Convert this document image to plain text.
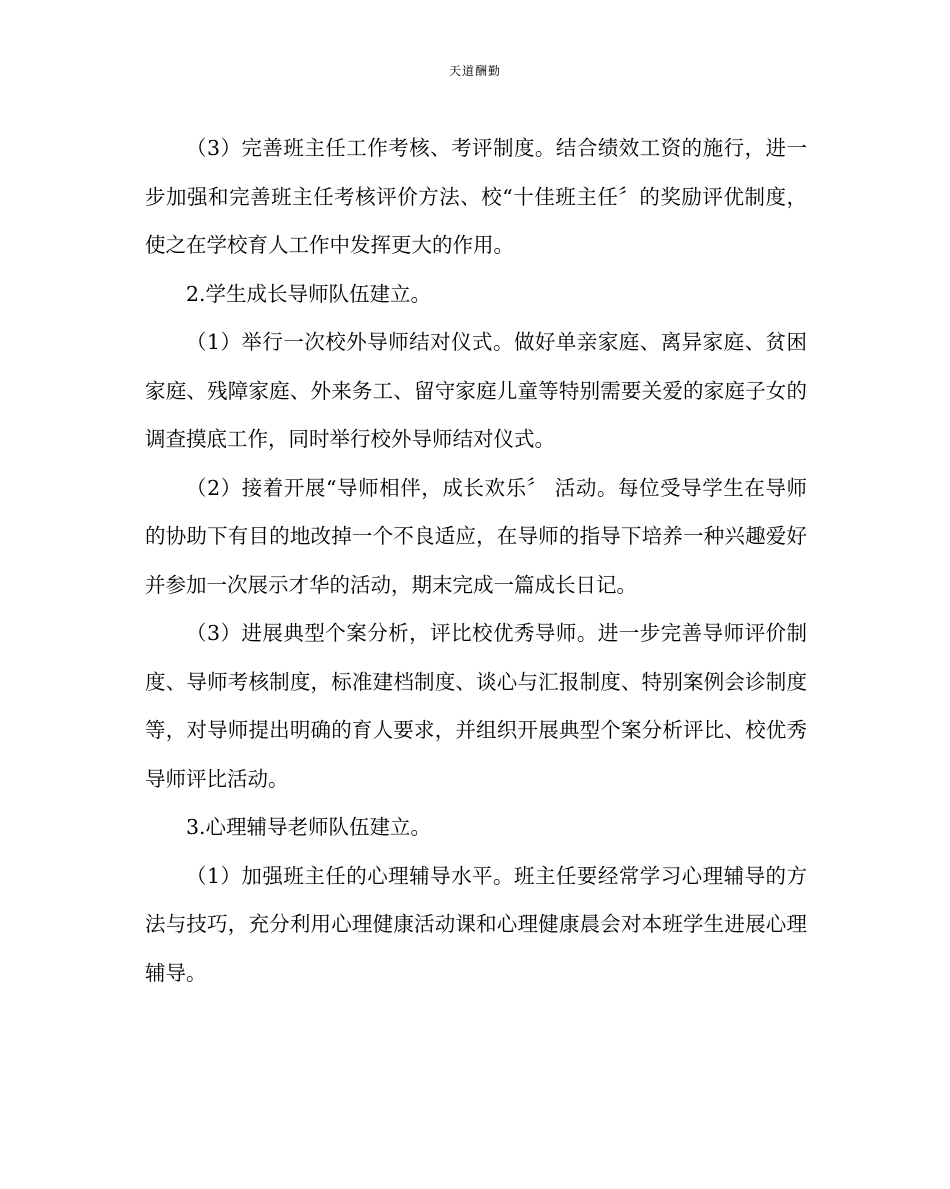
天道酬勤

（3）完善班主任工作考核、考评制度。结合绩效工资的施行，进一步加强和完善班主任考核评价方法、校“十佳班主任〞的奖励评优制度，使之在学校育人工作中发挥更大的作用。

2.学生成长导师队伍建立。

（1）举行一次校外导师结对仪式。做好单亲家庭、离异家庭、贫困家庭、残障家庭、外来务工、留守家庭儿童等特别需要关爱的家庭子女的调查摸底工作，同时举行校外导师结对仪式。

（2）接着开展“导师相伴，成长欢乐〞 活动。每位受导学生在导师的协助下有目的地改掉一个不良适应，在导师的指导下培养一种兴趣爱好并参加一次展示才华的活动，期末完成一篇成长日记。

（3）进展典型个案分析，评比校优秀导师。进一步完善导师评价制度、导师考核制度，标准建档制度、谈心与汇报制度、特别案例会诊制度等，对导师提出明确的育人要求，并组织开展典型个案分析评比、校优秀导师评比活动。

3.心理辅导老师队伍建立。

（1）加强班主任的心理辅导水平。班主任要经常学习心理辅导的方法与技巧，充分利用心理健康活动课和心理健康晨会对本班学生进展心理辅导。
